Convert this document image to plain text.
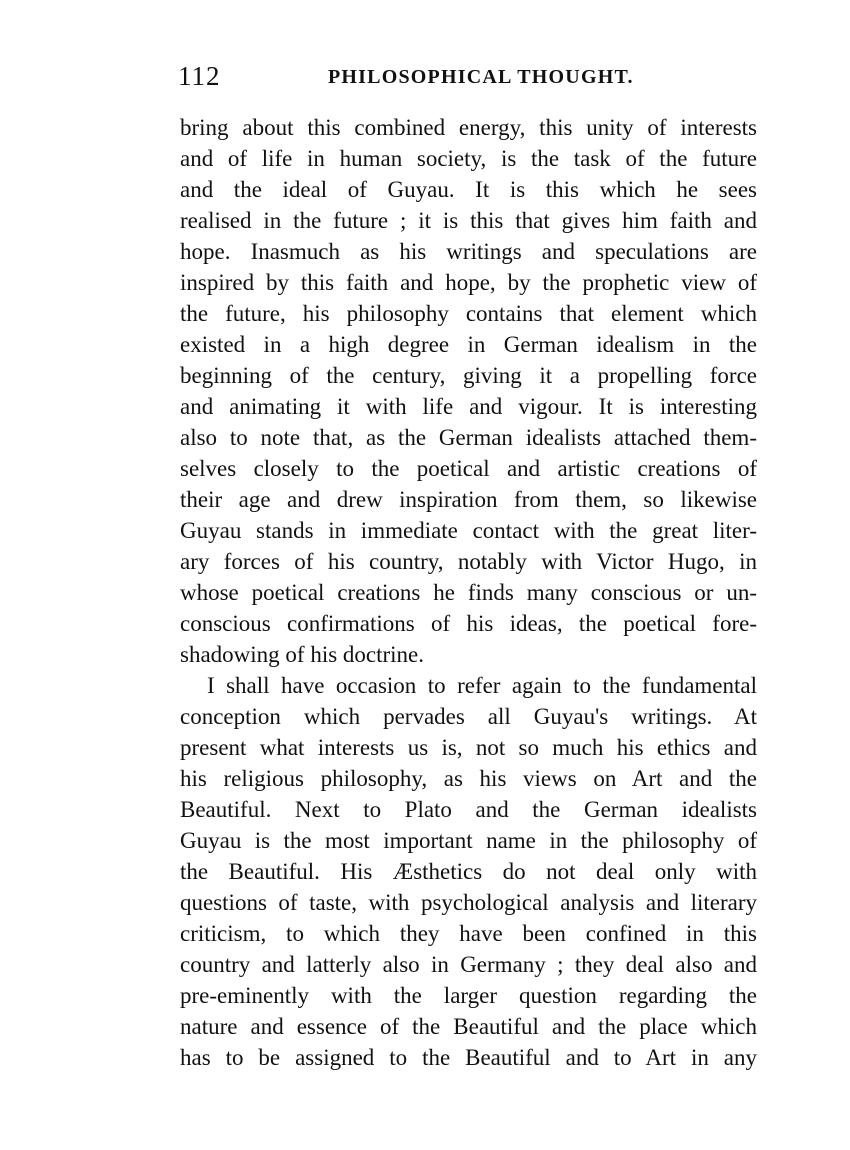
112	PHILOSOPHICAL THOUGHT.
bring about this combined energy, this unity of interests
and of life in human society, is the task of the future
and the ideal of Guyau. It is this which he sees
realised in the future ; it is this that gives him faith and
hope. Inasmuch as his writings and speculations are
inspired by this faith and hope, by the prophetic view of
the future, his philosophy contains that element which
existed in a high degree in German idealism in the
beginning of the century, giving it a propelling force
and animating it with life and vigour. It is interesting
also to note that, as the German idealists attached them-
selves closely to the poetical and artistic creations of
their age and drew inspiration from them, so likewise
Guyau stands in immediate contact with the great liter-
ary forces of his country, notably with Victor Hugo, in
whose poetical creations he finds many conscious or un-
conscious confirmations of his ideas, the poetical fore-
shadowing of his doctrine.
I shall have occasion to refer again to the fundamental
conception which pervades all Guyau's writings. At
present what interests us is, not so much his ethics and
his religious philosophy, as his views on Art and the
Beautiful. Next to Plato and the German idealists
Guyau is the most important name in the philosophy of
the Beautiful. His Æsthetics do not deal only with
questions of taste, with psychological analysis and literary
criticism, to which they have been confined in this
country and latterly also in Germany ; they deal also and
pre-eminently with the larger question regarding the
nature and essence of the Beautiful and the place which
has to be assigned to the Beautiful and to Art in any
